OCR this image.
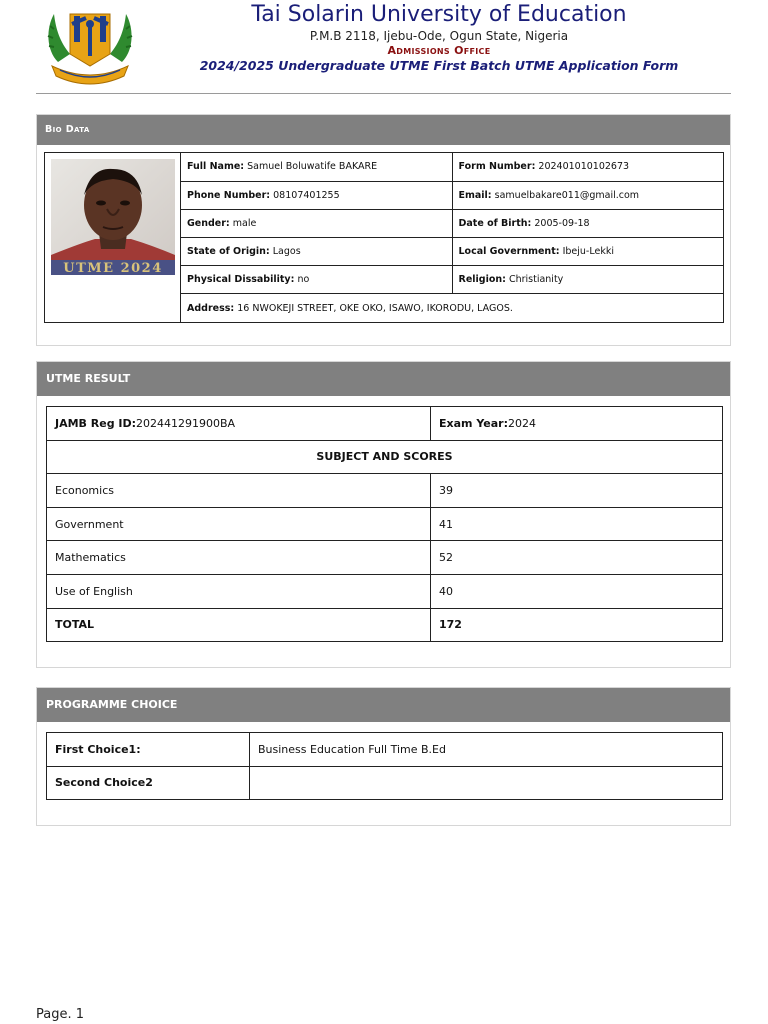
Tai Solarin University of Education
P.M.B 2118, Ijebu-Ode, Ogun State, Nigeria
Admissions Office
2024/2025 Undergraduate UTME First Batch UTME Application Form
Bio Data
UTME 2024
Full Name: Samuel Boluwatife BAKARE	Form Number: 202401010102673
Phone Number: 08107401255	Email: samuelbakare011@gmail.com
Gender: male	Date of Birth: 2005-09-18
State of Origin: Lagos	Local Government: Ibeju-Lekki
Physical Dissability: no	Religion: Christianity
Address: 16 NWOKEJI STREET, OKE OKO, ISAWO, IKORODU, LAGOS.	
UTME RESULT
JAMB Reg ID:202441291900BA	Exam Year:2024
SUBJECT AND SCORES	
Economics	39
Government	41
Mathematics	52
Use of English	40
TOTAL	172
PROGRAMME CHOICE
First Choice1:	Business Education Full Time B.Ed
Second Choice2	
Page. 1
